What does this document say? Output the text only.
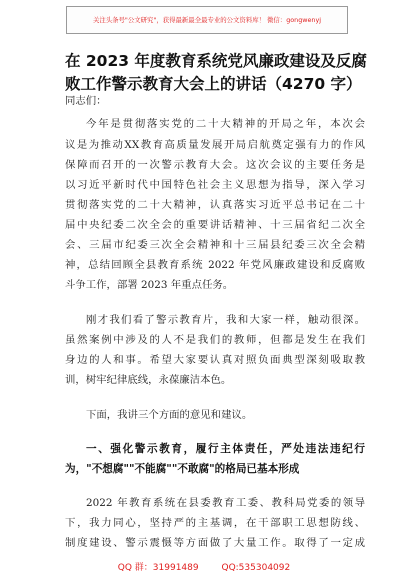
关注头条号"公文研究"，获得最新最全最专业的公文资料库！ 微信：gongwenyj
在 2023 年度教育系统党风廉政建设及反腐
败工作警示教育大会上的讲话（4270 字）
同志们：
今年是贯彻落实党的二十大精神的开局之年，本次会
议是为推动XX教育高质量发展开局启航奠定强有力的作风
保障而召开的一次警示教育大会。这次会议的主要任务是
以习近平新时代中国特色社会主义思想为指导，深入学习
贯彻落实党的二十大精神，认真落实习近平总书记在二十
届中央纪委二次全会的重要讲话精神、十三届省纪二次全
会、三届市纪委三次全会精神和十三届县纪委三次全会精
神，总结回顾全县教育系统 2022 年党风廉政建设和反腐败
斗争工作，部署 2023 年重点任务。
刚才我们看了警示教育片，我和大家一样，触动很深。
虽然案例中涉及的人不是我们的教师，但都是发生在我们
身边的人和事。希望大家要认真对照负面典型深刻吸取教
训，树牢纪律底线，永葆廉洁本色。
下面，我讲三个方面的意见和建议。
一、强化警示教育，履行主体责任，严处违法违纪行
为，"不想腐""不能腐""不敢腐"的格局已基本形成
2022 年教育系统在县委教育工委、教科局党委的领导
下，我力同心，坚持严的主基调，在干部职工思想防线、
制度建设、警示震慑等方面做了大量工作。取得了一定成
QQ 群：31991489	QQ:535304092
